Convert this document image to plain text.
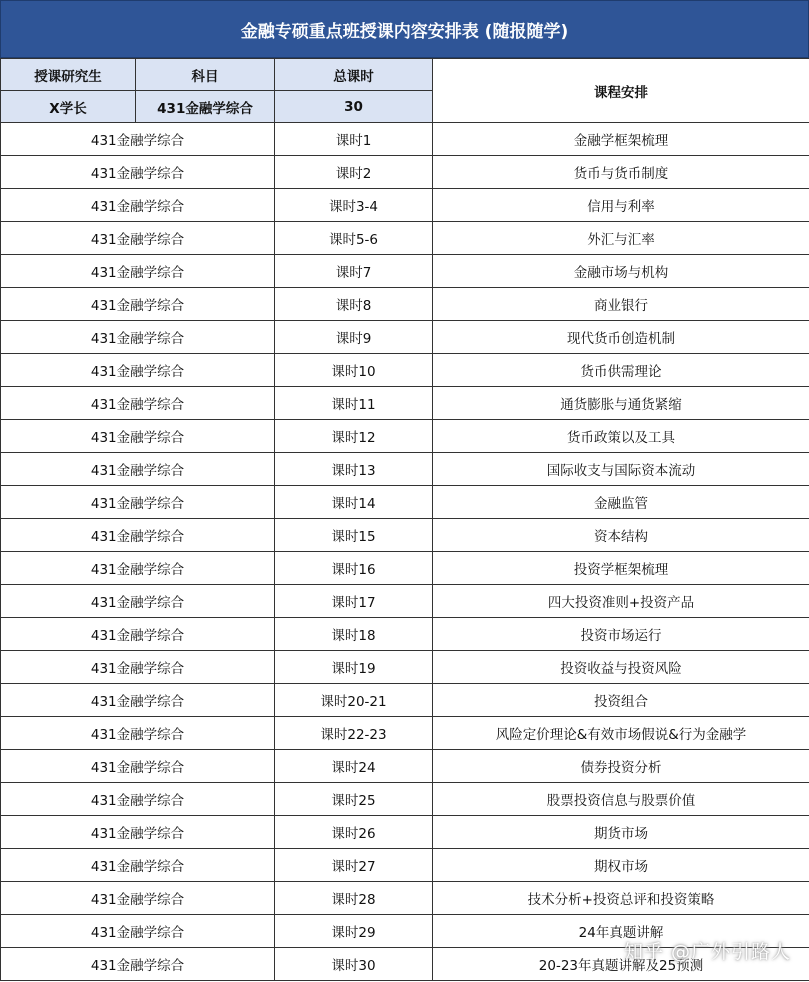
金融专硕重点班授课内容安排表 (随报随学)
授课研究生	科目	总课时	课程安排
X学长	431金融学综合	30	
431金融学综合		课时1	金融学框架梳理
431金融学综合		课时2	货币与货币制度
431金融学综合		课时3-4	信用与利率
431金融学综合		课时5-6	外汇与汇率
431金融学综合		课时7	金融市场与机构
431金融学综合		课时8	商业银行
431金融学综合		课时9	现代货币创造机制
431金融学综合		课时10	货币供需理论
431金融学综合		课时11	通货膨胀与通货紧缩
431金融学综合		课时12	货币政策以及工具
431金融学综合		课时13	国际收支与国际资本流动
431金融学综合		课时14	金融监管
431金融学综合		课时15	资本结构
431金融学综合		课时16	投资学框架梳理
431金融学综合		课时17	四大投资准则+投资产品
431金融学综合		课时18	投资市场运行
431金融学综合		课时19	投资收益与投资风险
431金融学综合		课时20-21	投资组合
431金融学综合		课时22-23	风险定价理论&有效市场假说&行为金融学
431金融学综合		课时24	债券投资分析
431金融学综合		课时25	股票投资信息与股票价值
431金融学综合		课时26	期货市场
431金融学综合		课时27	期权市场
431金融学综合		课时28	技术分析+投资总评和投资策略
431金融学综合		课时29	24年真题讲解
431金融学综合		课时30	20-23年真题讲解及25预测
知乎 @广外引路人
